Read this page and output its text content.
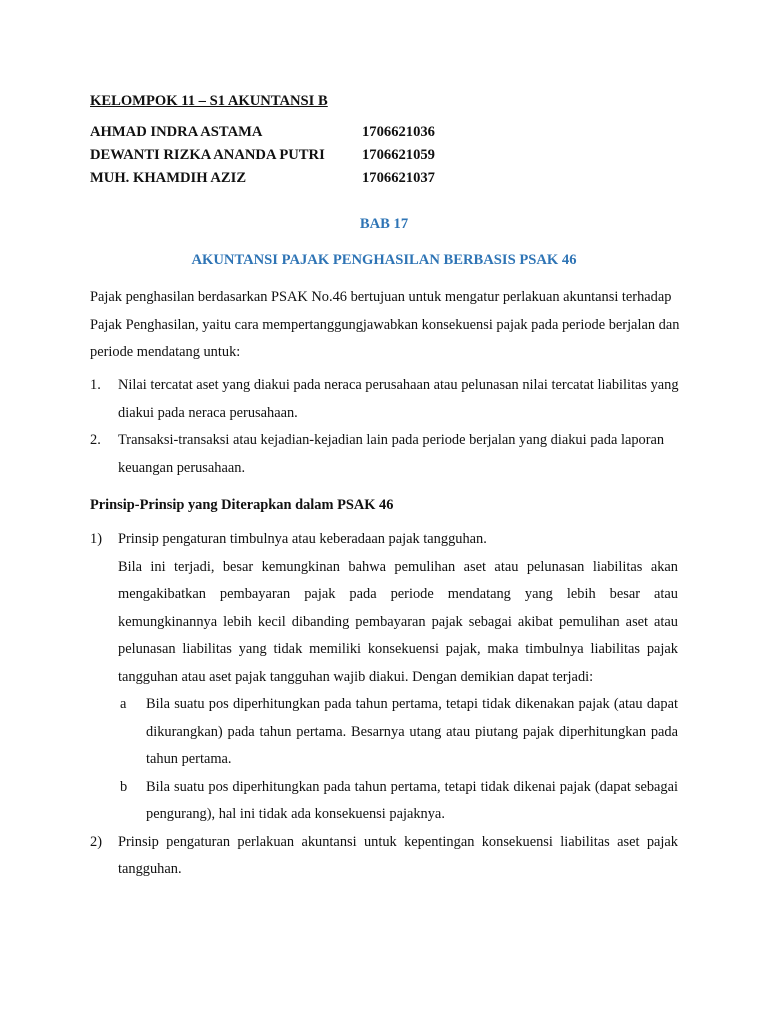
KELOMPOK 11 – S1 AKUNTANSI B
AHMAD INDRA ASTAMA	1706621036
DEWANTI RIZKA ANANDA PUTRI	1706621059
MUH. KHAMDIH AZIZ	1706621037
BAB 17
AKUNTANSI PAJAK PENGHASILAN BERBASIS PSAK 46
Pajak penghasilan berdasarkan PSAK No.46 bertujuan untuk mengatur perlakuan akuntansi terhadap Pajak Penghasilan, yaitu cara mempertanggungjawabkan konsekuensi pajak pada periode berjalan dan periode mendatang untuk:
1.	Nilai tercatat aset yang diakui pada neraca perusahaan atau pelunasan nilai tercatat liabilitas yang diakui pada neraca perusahaan.
2.	Transaksi-transaksi atau kejadian-kejadian lain pada periode berjalan yang diakui pada laporan keuangan perusahaan.
Prinsip-Prinsip yang Diterapkan dalam PSAK 46
1)	Prinsip pengaturan timbulnya atau keberadaan pajak tangguhan.
Bila ini terjadi, besar kemungkinan bahwa pemulihan aset atau pelunasan liabilitas akan mengakibatkan pembayaran pajak pada periode mendatang yang lebih besar atau kemungkinannya lebih kecil dibanding pembayaran pajak sebagai akibat pemulihan aset atau pelunasan liabilitas yang tidak memiliki konsekuensi pajak, maka timbulnya liabilitas pajak tangguhan atau aset pajak tangguhan wajib diakui. Dengan demikian dapat terjadi:
a	Bila suatu pos diperhitungkan pada tahun pertama, tetapi tidak dikenakan pajak (atau dapat dikurangkan) pada tahun pertama. Besarnya utang atau piutang pajak diperhitungkan pada tahun pertama.
b	Bila suatu pos diperhitungkan pada tahun pertama, tetapi tidak dikenai pajak (dapat sebagai pengurang), hal ini tidak ada konsekuensi pajaknya.
2)	Prinsip pengaturan perlakuan akuntansi untuk kepentingan konsekuensi liabilitas aset pajak tangguhan.
